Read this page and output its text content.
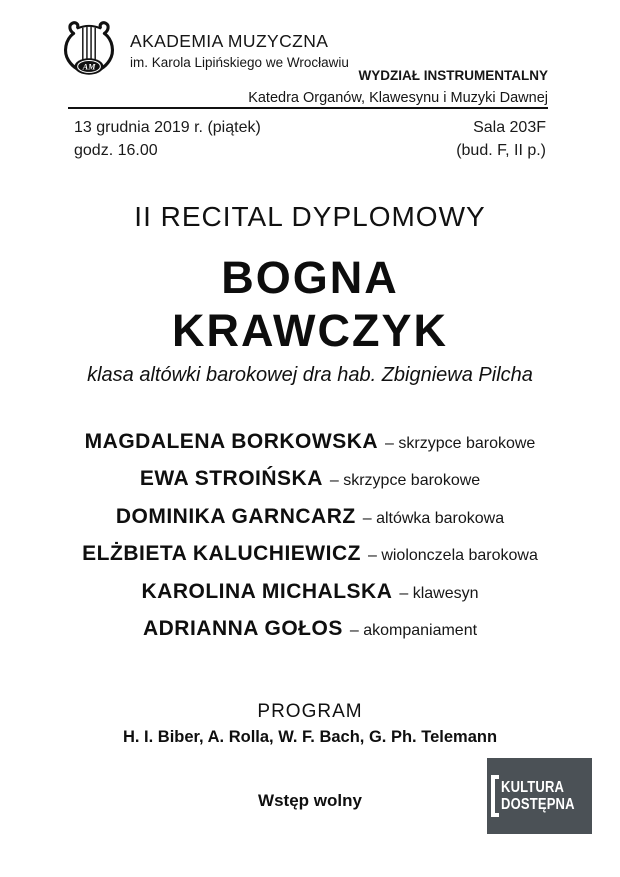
AM
AKADEMIA MUZYCZNA
im. Karola Lipińskiego we Wrocławiu
WYDZIAŁ INSTRUMENTALNY
Katedra Organów, Klawesynu i Muzyki Dawnej
13 grudnia 2019 r. (piątek)
godz. 16.00
Sala 203F
(bud. F, II p.)
II RECITAL DYPLOMOWY
BOGNA
KRAWCZYK
klasa altówki barokowej dra hab. Zbigniewa Pilcha
MAGDALENA BORKOWSKA – skrzypce barokowe
EWA STROIŃSKA – skrzypce barokowe
DOMINIKA GARNCARZ – altówka barokowa
ELŻBIETA KALUCHIEWICZ – wiolonczela barokowa
KAROLINA MICHALSKA – klawesyn
ADRIANNA GOŁOS – akompaniament
PROGRAM
H. I. Biber, A. Rolla, W. F. Bach, G. Ph. Telemann
Wstęp wolny
KULTURA
DOSTĘPNA
